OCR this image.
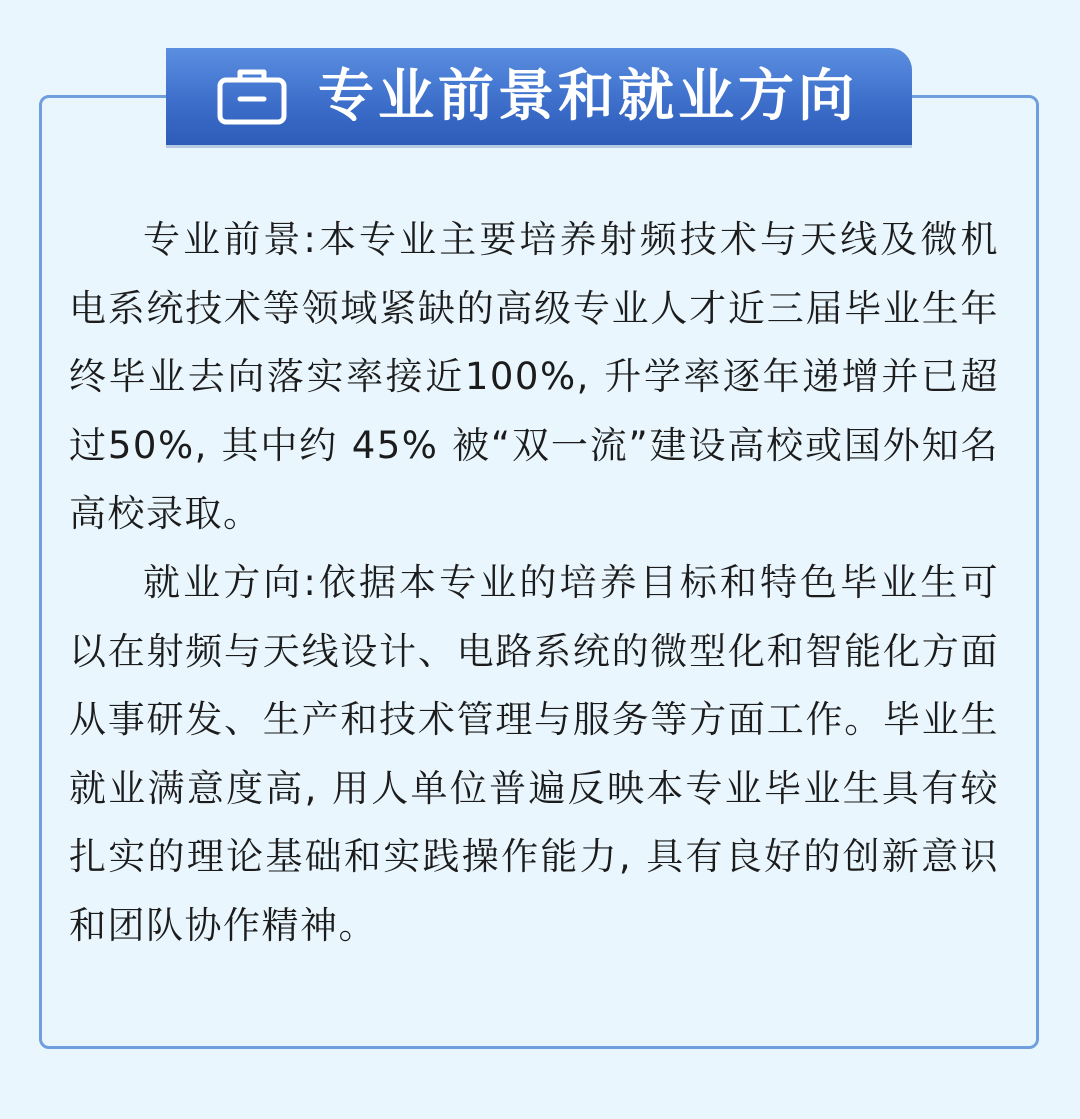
专业前景和就业方向

专业前景:本专业主要培养射频技术与天线及微机电系统技术等领域紧缺的高级专业人才近三届毕业生年终毕业去向落实率接近100%, 升学率逐年递增并已超过50%, 其中约 45% 被“双一流”建设高校或国外知名高校录取。

就业方向:依据本专业的培养目标和特色毕业生可以在射频与天线设计、电路系统的微型化和智能化方面从事研发、生产和技术管理与服务等方面工作。毕业生就业满意度高, 用人单位普遍反映本专业毕业生具有较扎实的理论基础和实践操作能力, 具有良好的创新意识和团队协作精神。
